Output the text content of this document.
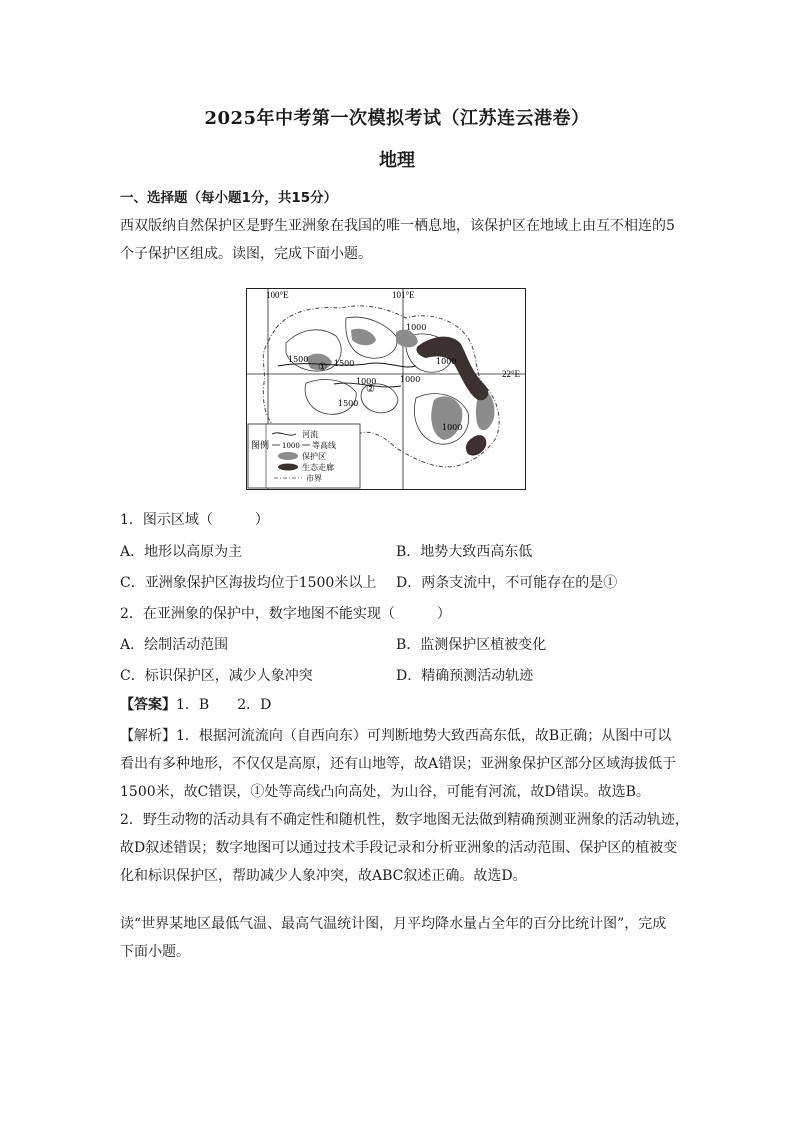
2025年中考第一次模拟考试（江苏连云港卷）
地理
一、选择题（每小题1分，共15分）
西双版纳自然保护区是野生亚洲象在我国的唯一栖息地，该保护区在地域上由互不相连的5
个子保护区组成。读图，完成下面小题。
100°E	101°E
22°E
1500	1500
1000
1000
1000
1500
1000
1000
①
②
图例
河流
1000 等高线
保护区
生态走廊
市界
1．图示区域（　　　）
A．地形以高原为主	B．地势大致西高东低
C．亚洲象保护区海拔均位于1500米以上 D．两条支流中，不可能存在的是①
2．在亚洲象的保护中，数字地图不能实现（　　　）
A．绘制活动范围	B．监测保护区植被变化
C．标识保护区，减少人象冲突	D．精确预测活动轨迹
【答案】1．B　　2．D
【解析】1．根据河流流向（自西向东）可判断地势大致西高东低，故B正确；从图中可以
看出有多种地形，不仅仅是高原，还有山地等，故A错误；亚洲象保护区部分区域海拔低于
1500米，故C错误，①处等高线凸向高处，为山谷，可能有河流，故D错误。故选B。
2．野生动物的活动具有不确定性和随机性，数字地图无法做到精确预测亚洲象的活动轨迹，
故D叙述错误；数字地图可以通过技术手段记录和分析亚洲象的活动范围、保护区的植被变
化和标识保护区，帮助减少人象冲突，故ABC叙述正确。故选D。
读“世界某地区最低气温、最高气温统计图，月平均降水量占全年的百分比统计图”，完成
下面小题。
